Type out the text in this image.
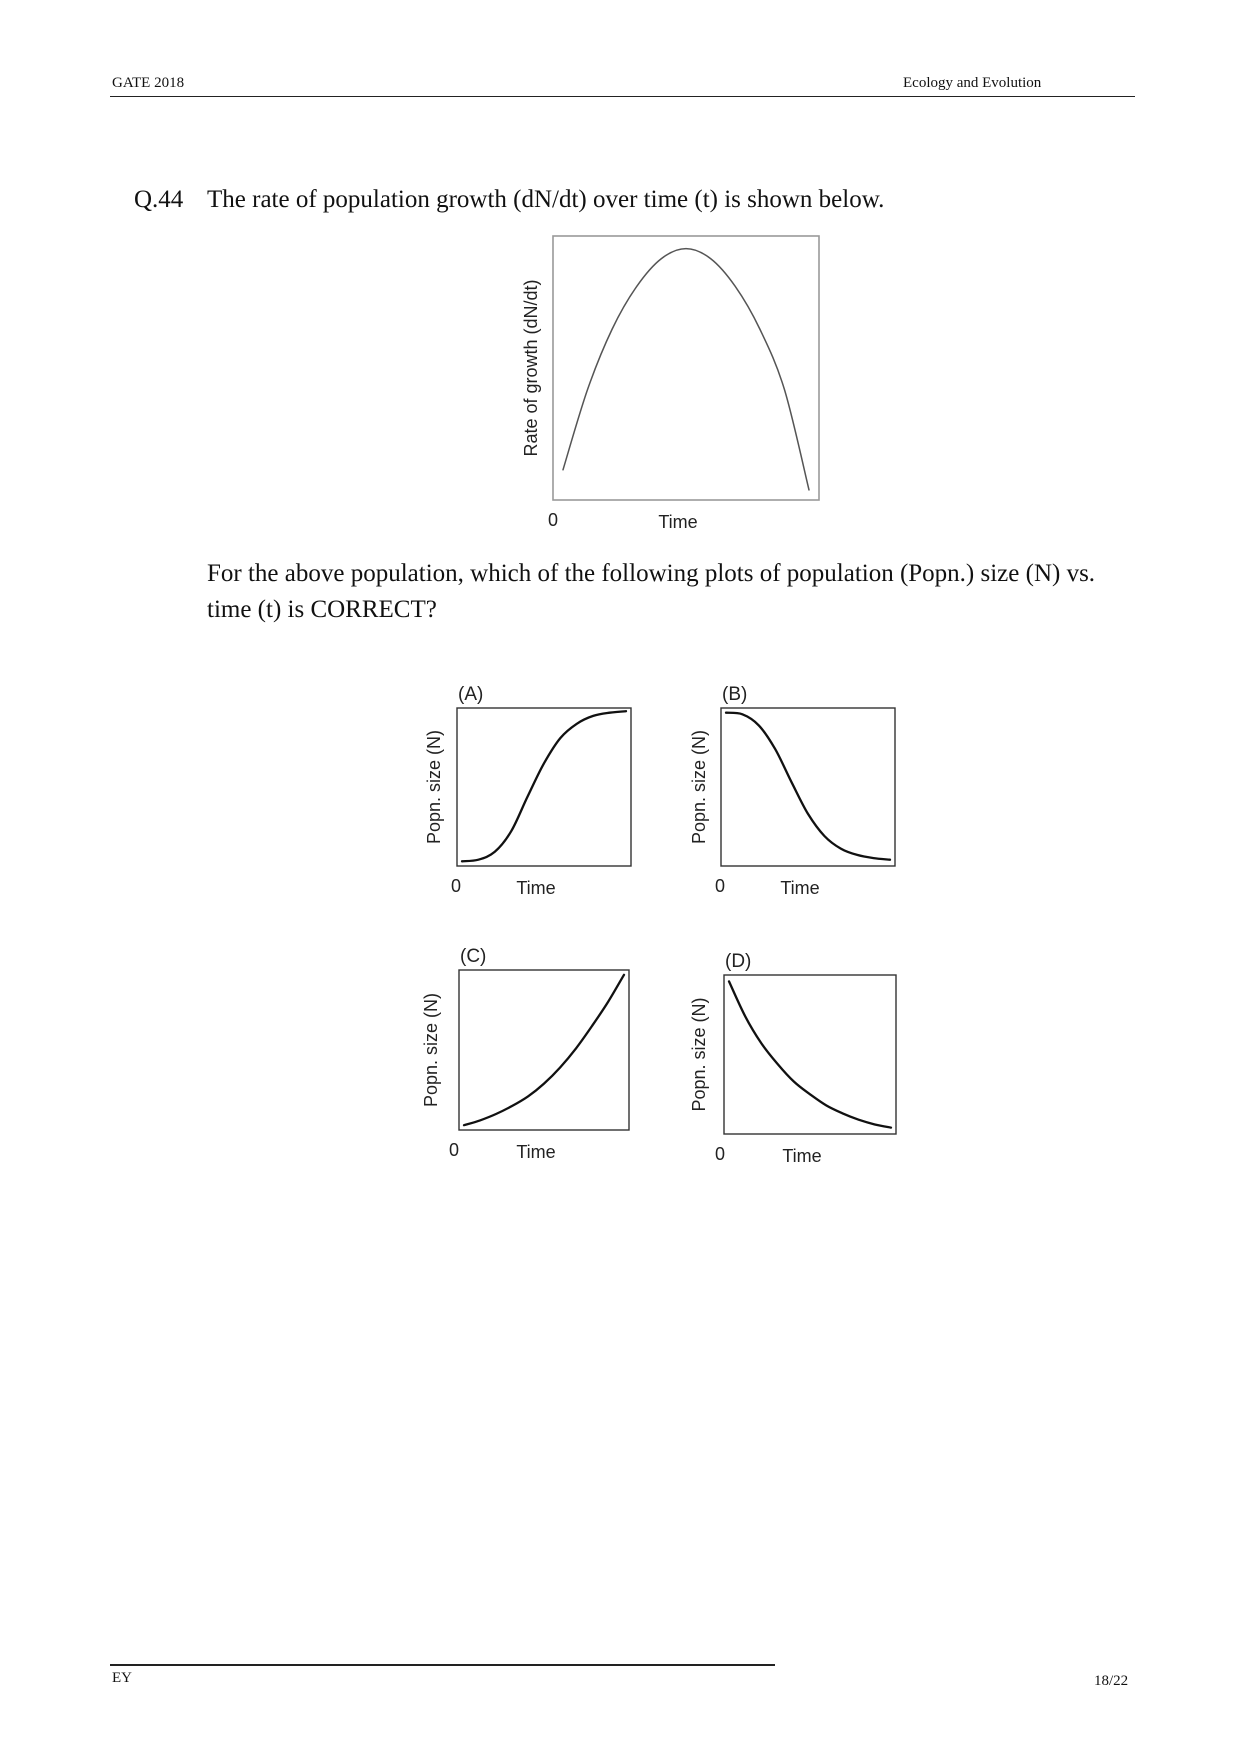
GATE 2018	Ecology and Evolution
Q.44 The rate of population growth (dN/dt) over time (t) is shown below.
For the above population, which of the following plots of population (Popn.) size (N) vs. time (t) is CORRECT?
0	Time
Rate of growth (dN/dt)
(A)
0	Time
Popn. size (N)
(B)
0	Time
Popn. size (N)
(C)
0	Time
Popn. size (N)
(D)
0	Time
Popn. size (N)
EY	18/22
